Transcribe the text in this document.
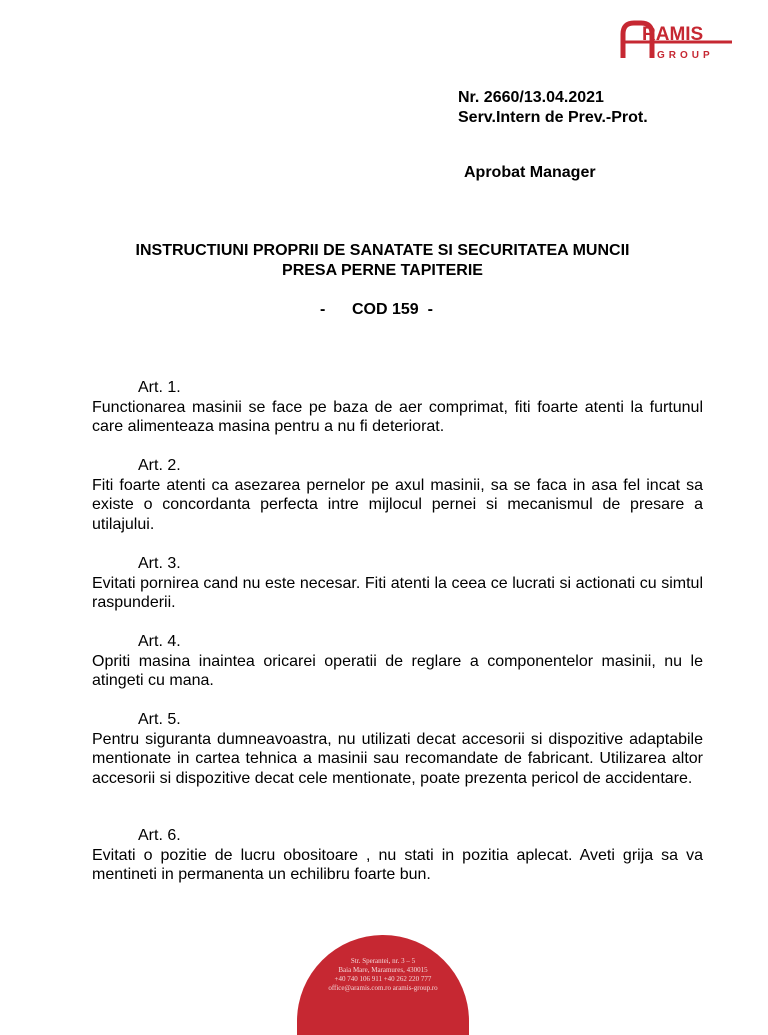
RAMIS
GROUP
Nr. 2660/13.04.2021
Serv.Intern de Prev.-Prot.
Aprobat Manager
INSTRUCTIUNI PROPRII DE SANATATE SI SECURITATEA MUNCII
PRESA PERNE TAPITERIE
-      COD 159  -
Art. 1.
Functionarea masinii se face pe baza de aer comprimat, fiti foarte atenti la furtunul care alimenteaza masina pentru a nu fi deteriorat.
Art. 2.
Fiti foarte atenti ca asezarea pernelor pe axul masinii, sa se faca in asa fel incat sa existe o concordanta perfecta intre mijlocul pernei si mecanismul de presare a utilajului.
Art. 3.
Evitati pornirea cand nu este necesar. Fiti atenti la ceea ce lucrati si actionati cu simtul raspunderii.
Art. 4.
Opriti masina inaintea oricarei operatii de reglare a componentelor masinii, nu le atingeti cu mana.
Art. 5.
Pentru siguranta dumneavoastra, nu utilizati decat accesorii si dispozitive adaptabile mentionate in cartea tehnica a masinii sau recomandate de fabricant. Utilizarea altor accesorii si dispozitive decat cele mentionate, poate prezenta pericol de accidentare.
Art. 6.
Evitati o pozitie de lucru obositoare , nu stati in pozitia aplecat. Aveti grija sa va mentineti in permanenta un echilibru foarte bun.
Str. Sperantei, nr. 3 – 5
Baia Mare, Maramures, 430015
+40 740 106 911 +40 262 220 777
office@aramis.com.ro aramis-group.ro
